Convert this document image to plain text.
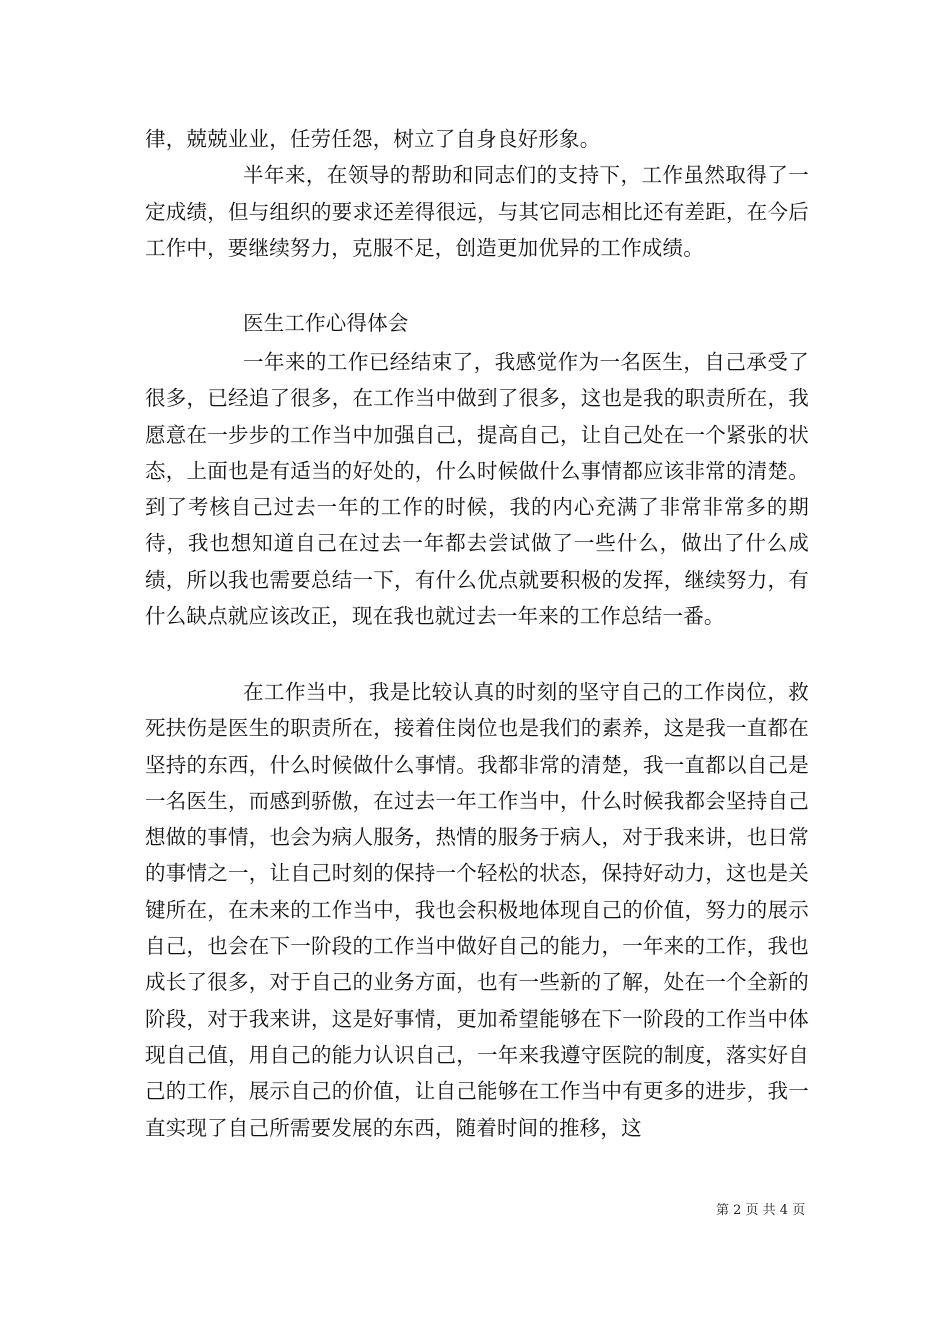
律，兢兢业业，任劳任怨，树立了自身良好形象。

半年来，在领导的帮助和同志们的支持下，工作虽然取得了一定成绩，但与组织的要求还差得很远，与其它同志相比还有差距，在今后工作中，要继续努力，克服不足，创造更加优异的工作成绩。

医生工作心得体会

一年来的工作已经结束了，我感觉作为一名医生，自己承受了很多，已经追了很多，在工作当中做到了很多，这也是我的职责所在，我愿意在一步步的工作当中加强自己，提高自己，让自己处在一个紧张的状态，上面也是有适当的好处的，什么时候做什么事情都应该非常的清楚。到了考核自己过去一年的工作的时候，我的内心充满了非常非常多的期待，我也想知道自己在过去一年都去尝试做了一些什么，做出了什么成绩，所以我也需要总结一下，有什么优点就要积极的发挥，继续努力，有什么缺点就应该改正，现在我也就过去一年来的工作总结一番。

在工作当中，我是比较认真的时刻的坚守自己的工作岗位，救死扶伤是医生的职责所在，接着住岗位也是我们的素养，这是我一直都在坚持的东西，什么时候做什么事情。我都非常的清楚，我一直都以自己是一名医生，而感到骄傲，在过去一年工作当中，什么时候我都会坚持自己想做的事情，也会为病人服务，热情的服务于病人，对于我来讲，也日常的事情之一，让自己时刻的保持一个轻松的状态，保持好动力，这也是关键所在，在未来的工作当中，我也会积极地体现自己的价值，努力的展示自己，也会在下一阶段的工作当中做好自己的能力，一年来的工作，我也成长了很多，对于自己的业务方面，也有一些新的了解，处在一个全新的阶段，对于我来讲，这是好事情，更加希望能够在下一阶段的工作当中体现自己值，用自己的能力认识自己，一年来我遵守医院的制度，落实好自己的工作，展示自己的价值，让自己能够在工作当中有更多的进步，我一直实现了自己所需要发展的东西，随着时间的推移，这

第 2 页 共 4 页
